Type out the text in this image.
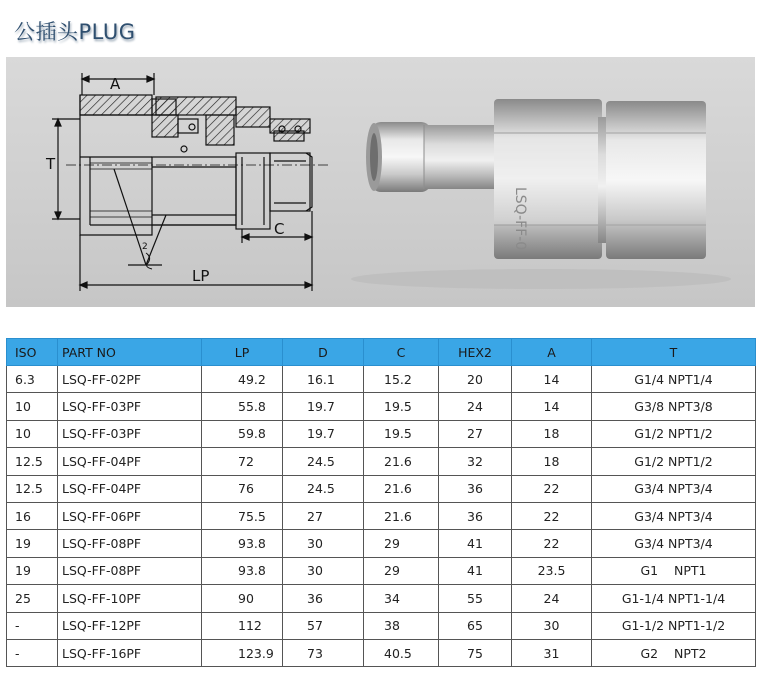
公插头PLUG
A
T
C
LP
2	LSQ-FF-0
ISO	PART NO	LP	D	C	HEX2	A	T
6.3	LSQ-FF-02PF	49.2	16.1	15.2	20	14	G1/4 NPT1/4
10	LSQ-FF-03PF	55.8	19.7	19.5	24	14	G3/8 NPT3/8
10	LSQ-FF-03PF	59.8	19.7	19.5	27	18	G1/2 NPT1/2
12.5	LSQ-FF-04PF	72	24.5	21.6	32	18	G1/2 NPT1/2
12.5	LSQ-FF-04PF	76	24.5	21.6	36	22	G3/4 NPT3/4
16	LSQ-FF-06PF	75.5	27	21.6	36	22	G3/4 NPT3/4
19	LSQ-FF-08PF	93.8	30	29	41	22	G3/4 NPT3/4
19	LSQ-FF-08PF	93.8	30	29	41	23.5	G1    NPT1
25	LSQ-FF-10PF	90	36	34	55	24	G1-1/4 NPT1-1/4
-	LSQ-FF-12PF	112	57	38	65	30	G1-1/2 NPT1-1/2
-	LSQ-FF-16PF	123.9	73	40.5	75	31	G2    NPT2
